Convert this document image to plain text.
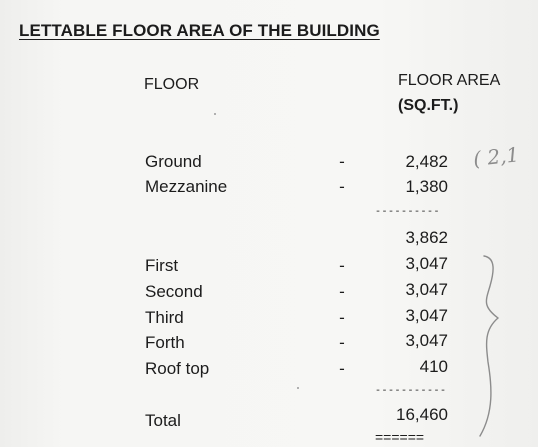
LETTABLE FLOOR AREA OF THE BUILDING
FLOOR	FLOOR AREA
(SQ.FT.)
Ground	-	2,482
Mezzanine	-	1,380
----------
3,862
First	-	3,047
Second	-	3,047
Third	-	3,047
Forth	-	3,047
Roof top	-	410
-----------
Total	16,460
======
( 2,1
